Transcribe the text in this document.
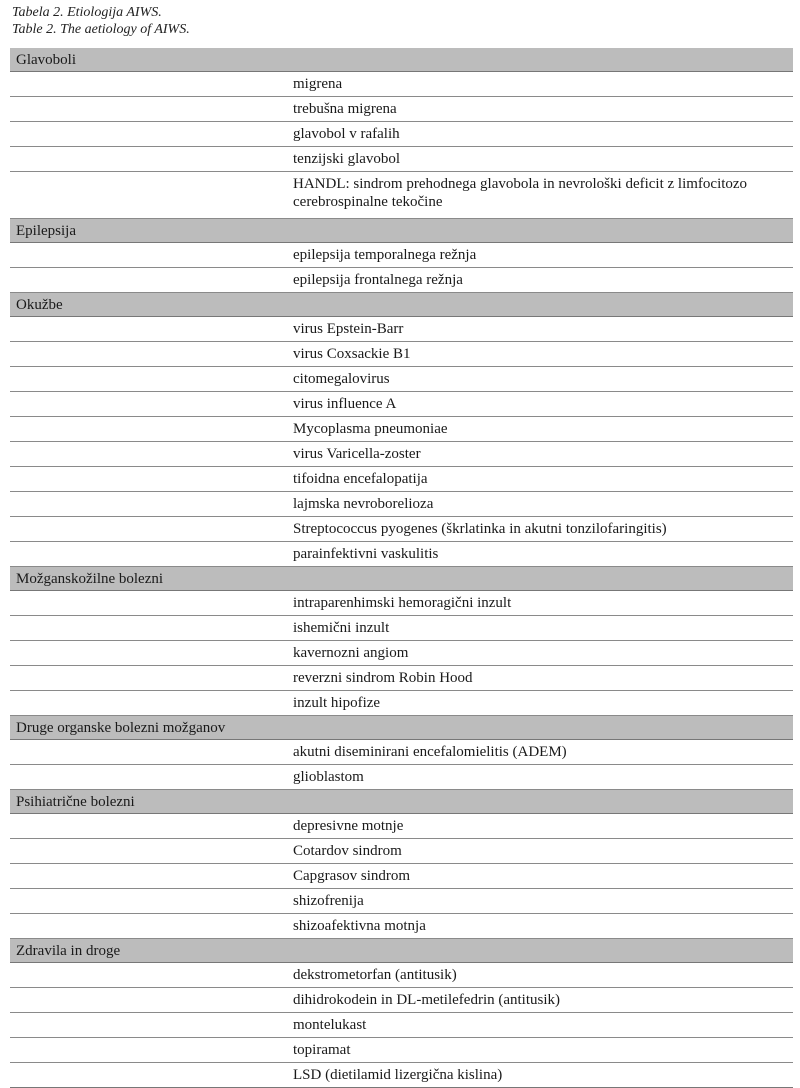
Tabela 2. Etiologija AIWS.
Table 2. The aetiology of AIWS.
Glavoboli
migrena
trebušna migrena
glavobol v rafalih
tenzijski glavobol
HANDL: sindrom prehodnega glavobola in nevrološki deficit z limfocitozo cerebrospinalne tekočine
Epilepsija
epilepsija temporalnega režnja
epilepsija frontalnega režnja
Okužbe
virus Epstein-Barr
virus Coxsackie B1
citomegalovirus
virus influence A
Mycoplasma pneumoniae
virus Varicella-zoster
tifoidna encefalopatija
lajmska nevroborelioza
Streptococcus pyogenes (škrlatinka in akutni tonzilofaringitis)
parainfektivni vaskulitis
Možganskožilne bolezni
intraparenhimski hemoragični inzult
ishemični inzult
kavernozni angiom
reverzni sindrom Robin Hood
inzult hipofize
Druge organske bolezni možganov
akutni diseminirani encefalomielitis (ADEM)
glioblastom
Psihiatrične bolezni
depresivne motnje
Cotardov sindrom
Capgrasov sindrom
shizofrenija
shizoafektivna motnja
Zdravila in droge
dekstrometorfan (antitusik)
dihidrokodein in DL-metilefedrin (antitusik)
montelukast
topiramat
LSD (dietilamid lizergična kislina)
